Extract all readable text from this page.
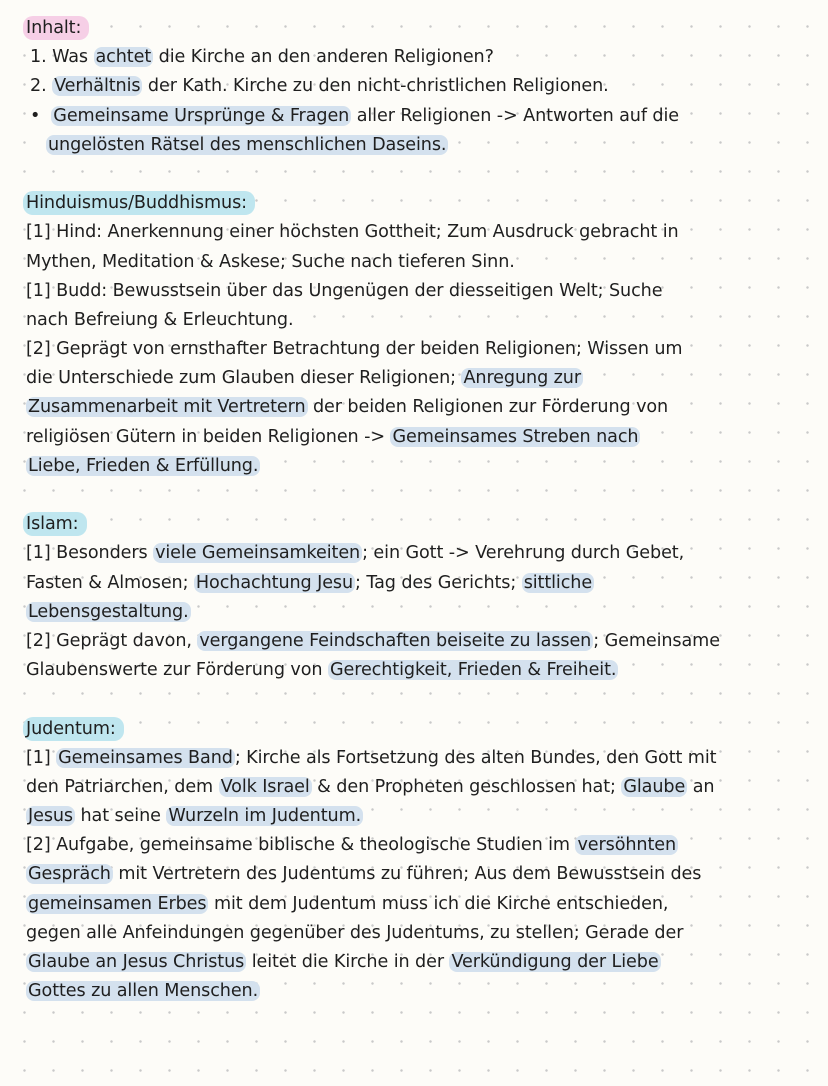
Inhalt:
1. Was achtet die Kirche an den anderen Religionen?
2. Verhältnis der Kath. Kirche zu den nicht-christlichen Religionen.
• Gemeinsame Ursprünge & Fragen aller Religionen -> Antworten auf die
ungelösten Rätsel des menschlichen Daseins.
Hinduismus/Buddhismus:
[1] Hind: Anerkennung einer höchsten Gottheit; Zum Ausdruck gebracht in
Mythen, Meditation & Askese; Suche nach tieferen Sinn.
[1] Budd: Bewusstsein über das Ungenügen der diesseitigen Welt; Suche
nach Befreiung & Erleuchtung.
[2] Geprägt von ernsthafter Betrachtung der beiden Religionen; Wissen um
die Unterschiede zum Glauben dieser Religionen; Anregung zur
Zusammenarbeit mit Vertretern der beiden Religionen zur Förderung von
religiösen Gütern in beiden Religionen -> Gemeinsames Streben nach
Liebe, Frieden & Erfüllung.
Islam:
[1] Besonders viele Gemeinsamkeiten ; ein Gott -> Verehrung durch Gebet,
Fasten & Almosen; Hochachtung Jesu ; Tag des Gerichts; sittliche
Lebensgestaltung.
[2] Geprägt davon, vergangene Feindschaften beiseite zu lassen ; Gemeinsame
Glaubenswerte zur Förderung von Gerechtigkeit, Frieden & Freiheit.
Judentum:
[1] Gemeinsames Band ; Kirche als Fortsetzung des alten Bundes, den Gott mit
den Patriarchen, dem Volk Israel & den Propheten geschlossen hat; Glaube an
Jesus hat seine Wurzeln im Judentum.
[2] Aufgabe, gemeinsame biblische & theologische Studien im versöhnten
Gespräch mit Vertretern des Judentums zu führen; Aus dem Bewusstsein des
gemeinsamen Erbes mit dem Judentum muss ich die Kirche entschieden,
gegen alle Anfeindungen gegenüber des Judentums, zu stellen; Gerade der
Glaube an Jesus Christus leitet die Kirche in der Verkündigung der Liebe
Gottes zu allen Menschen.
